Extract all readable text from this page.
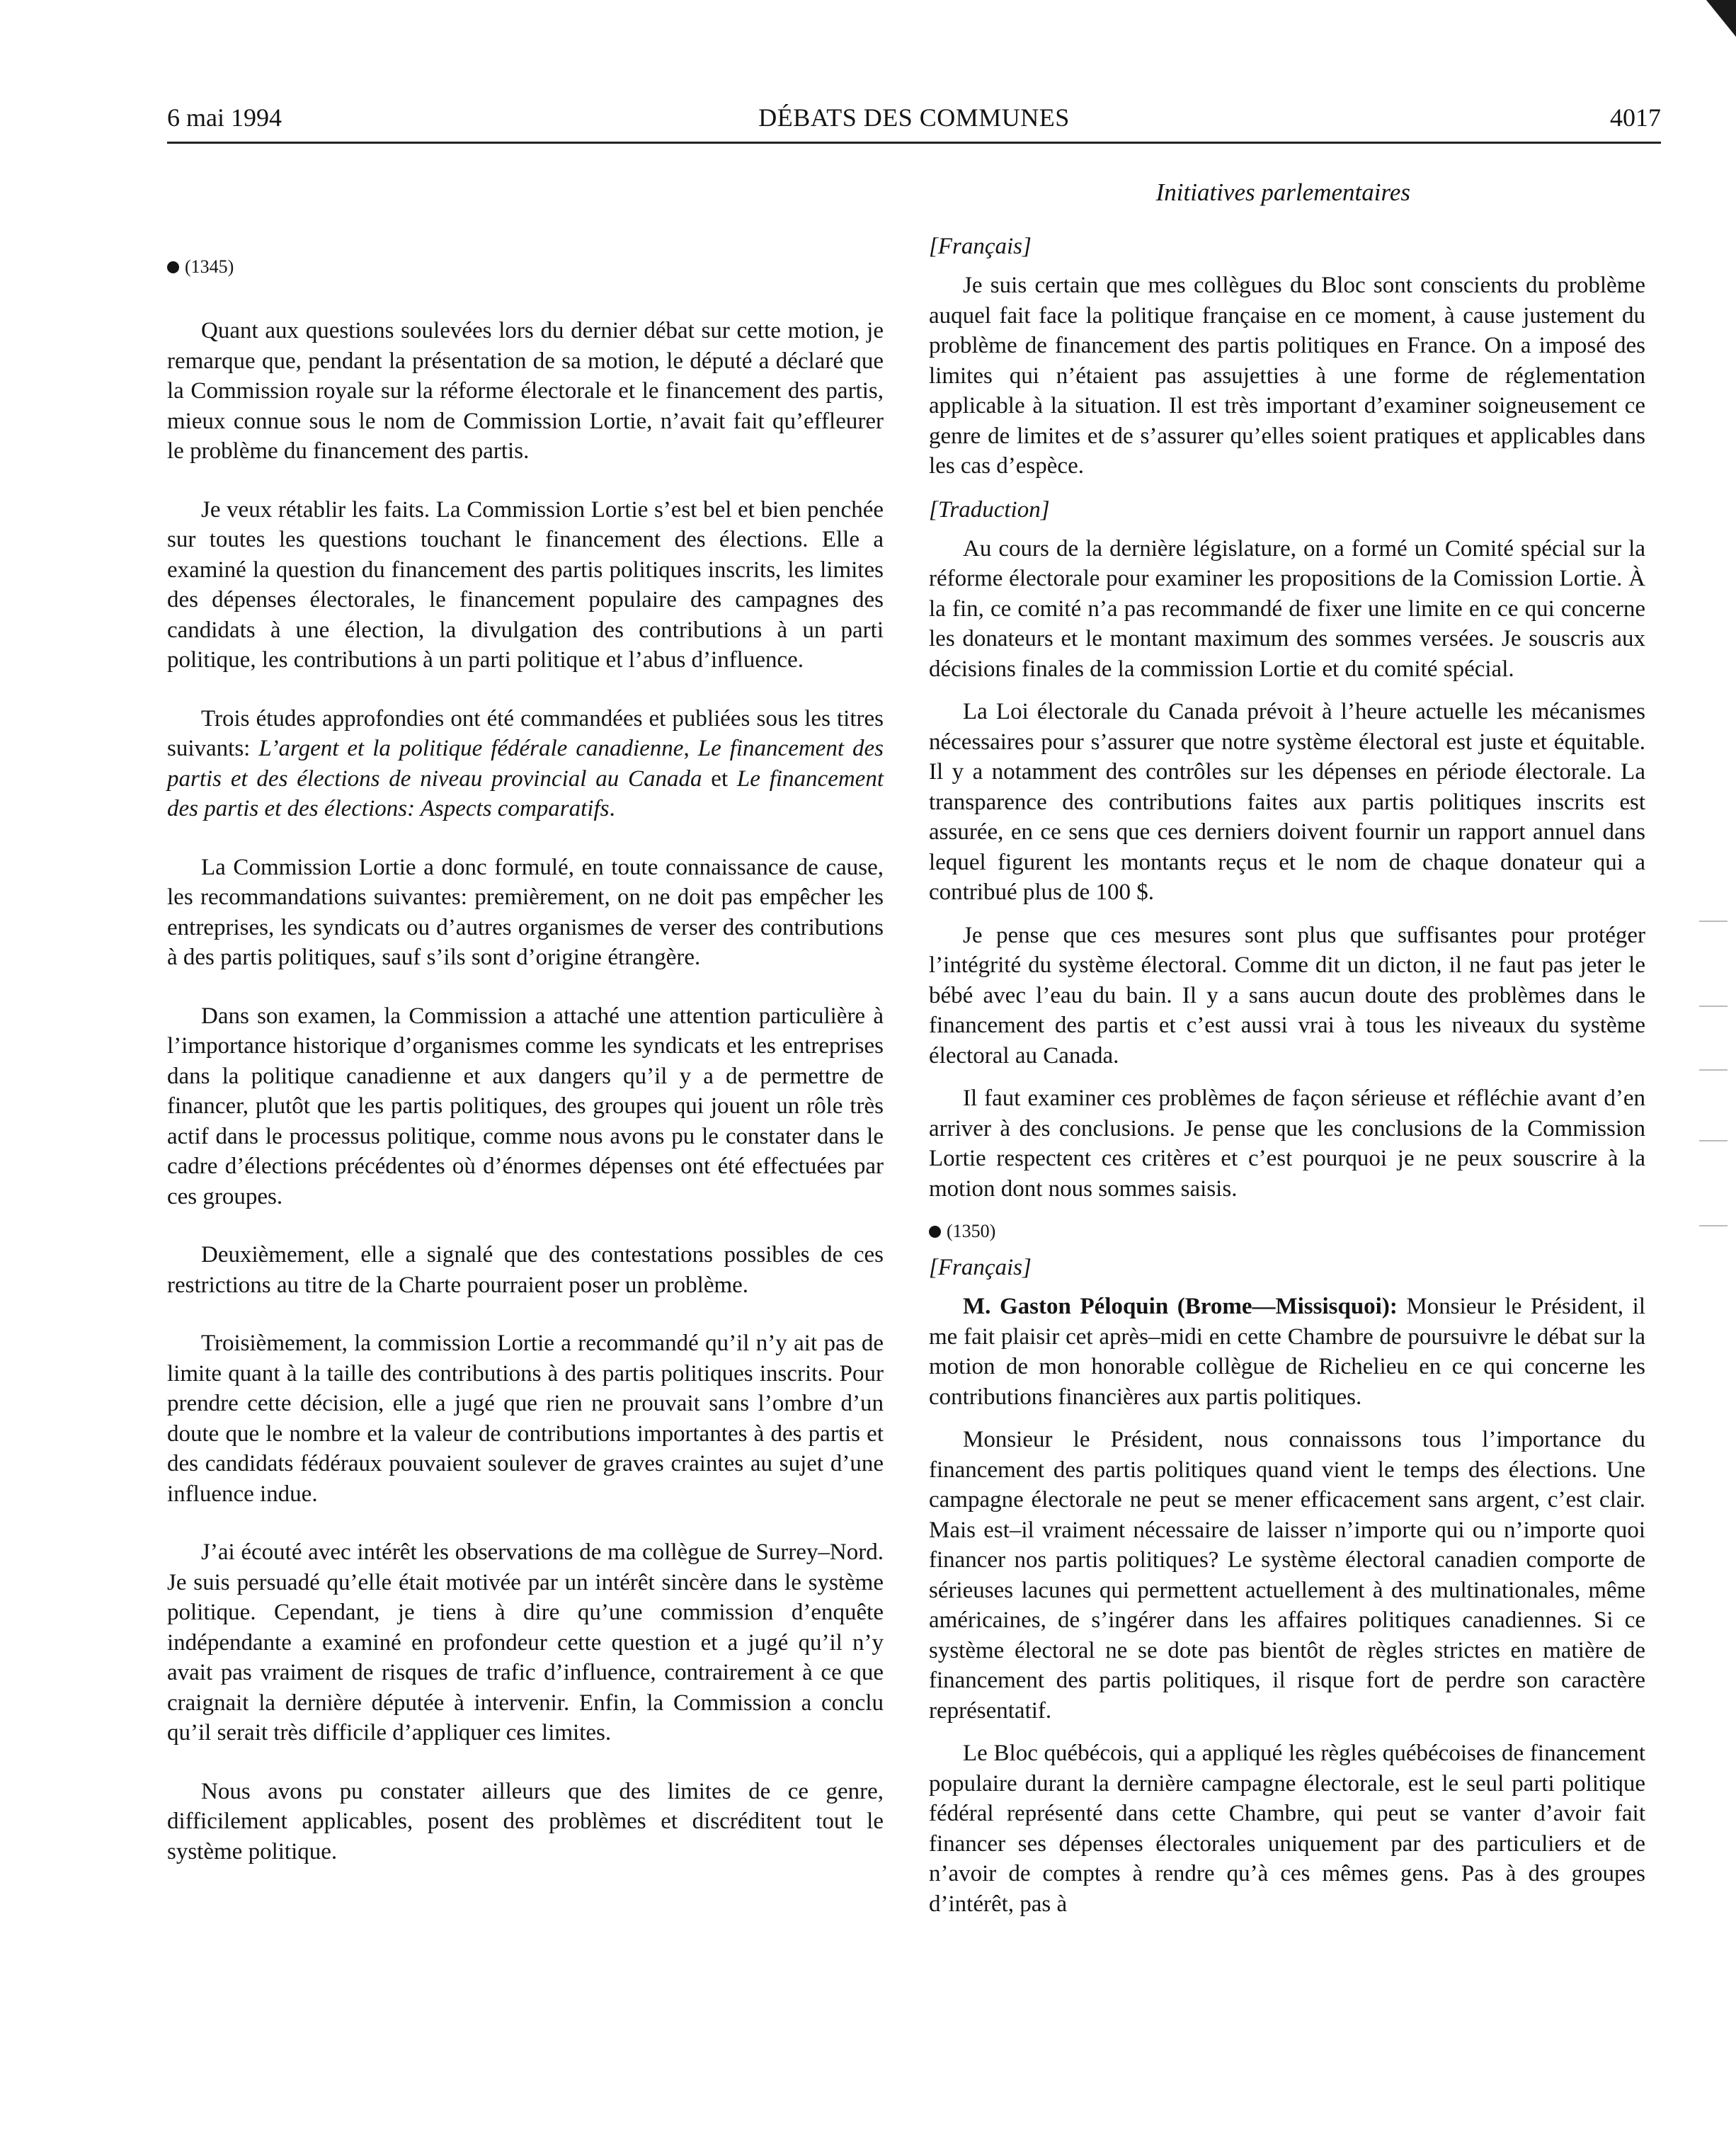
6 mai 1994	DÉBATS DES COMMUNES	4017
(1345)

Quant aux questions soulevées lors du dernier débat sur cette motion, je remarque que, pendant la présentation de sa motion, le député a déclaré que la Commission royale sur la réforme électorale et le financement des partis, mieux connue sous le nom de Commission Lortie, n’avait fait qu’effleurer le problème du financement des partis.

Je veux rétablir les faits. La Commission Lortie s’est bel et bien penchée sur toutes les questions touchant le financement des élections. Elle a examiné la question du financement des partis politiques inscrits, les limites des dépenses électorales, le financement populaire des campagnes des candidats à une élection, la divulgation des contributions à un parti politique, les contributions à un parti politique et l’abus d’influence.

Trois études approfondies ont été commandées et publiées sous les titres suivants: L’argent et la politique fédérale canadienne, Le financement des partis et des élections de niveau provincial au Canada et Le financement des partis et des élections: Aspects comparatifs.

La Commission Lortie a donc formulé, en toute connaissance de cause, les recommandations suivantes: premièrement, on ne doit pas empêcher les entreprises, les syndicats ou d’autres organismes de verser des contributions à des partis politiques, sauf s’ils sont d’origine étrangère.

Dans son examen, la Commission a attaché une attention particulière à l’importance historique d’organismes comme les syndicats et les entreprises dans la politique canadienne et aux dangers qu’il y a de permettre de financer, plutôt que les partis politiques, des groupes qui jouent un rôle très actif dans le processus politique, comme nous avons pu le constater dans le cadre d’élections précédentes où d’énormes dépenses ont été effectuées par ces groupes.

Deuxièmement, elle a signalé que des contestations possibles de ces restrictions au titre de la Charte pourraient poser un problème.

Troisièmement, la commission Lortie a recommandé qu’il n’y ait pas de limite quant à la taille des contributions à des partis politiques inscrits. Pour prendre cette décision, elle a jugé que rien ne prouvait sans l’ombre d’un doute que le nombre et la valeur de contributions importantes à des partis et des candidats fédéraux pouvaient soulever de graves craintes au sujet d’une influence indue.

J’ai écouté avec intérêt les observations de ma collègue de Surrey–Nord. Je suis persuadé qu’elle était motivée par un intérêt sincère dans le système politique. Cependant, je tiens à dire qu’une commission d’enquête indépendante a examiné en profondeur cette question et a jugé qu’il n’y avait pas vraiment de risques de trafic d’influence, contrairement à ce que craignait la dernière députée à intervenir. Enfin, la Commission a conclu qu’il serait très difficile d’appliquer ces limites.

Nous avons pu constater ailleurs que des limites de ce genre, difficilement applicables, posent des problèmes et discréditent tout le système politique.

Initiatives parlementaires
[Français]

Je suis certain que mes collègues du Bloc sont conscients du problème auquel fait face la politique française en ce moment, à cause justement du problème de financement des partis politiques en France. On a imposé des limites qui n’étaient pas assujetties à une forme de réglementation applicable à la situation. Il est très important d’examiner soigneusement ce genre de limites et de s’assurer qu’elles soient pratiques et applicables dans les cas d’espèce.

[Traduction]

Au cours de la dernière législature, on a formé un Comité spécial sur la réforme électorale pour examiner les propositions de la Comission Lortie. À la fin, ce comité n’a pas recommandé de fixer une limite en ce qui concerne les donateurs et le montant maximum des sommes versées. Je souscris aux décisions finales de la commission Lortie et du comité spécial.

La Loi électorale du Canada prévoit à l’heure actuelle les mécanismes nécessaires pour s’assurer que notre système électoral est juste et équitable. Il y a notamment des contrôles sur les dépenses en période électorale. La transparence des contributions faites aux partis politiques inscrits est assurée, en ce sens que ces derniers doivent fournir un rapport annuel dans lequel figurent les montants reçus et le nom de chaque donateur qui a contribué plus de 100 $.

Je pense que ces mesures sont plus que suffisantes pour protéger l’intégrité du système électoral. Comme dit un dicton, il ne faut pas jeter le bébé avec l’eau du bain. Il y a sans aucun doute des problèmes dans le financement des partis et c’est aussi vrai à tous les niveaux du système électoral au Canada.

Il faut examiner ces problèmes de façon sérieuse et réfléchie avant d’en arriver à des conclusions. Je pense que les conclusions de la Commission Lortie respectent ces critères et c’est pourquoi je ne peux souscrire à la motion dont nous sommes saisis.

(1350)
[Français]

M. Gaston Péloquin (Brome—Missisquoi): Monsieur le Président, il me fait plaisir cet après–midi en cette Chambre de poursuivre le débat sur la motion de mon honorable collègue de Richelieu en ce qui concerne les contributions financières aux partis politiques.

Monsieur le Président, nous connaissons tous l’importance du financement des partis politiques quand vient le temps des élections. Une campagne électorale ne peut se mener efficacement sans argent, c’est clair. Mais est–il vraiment nécessaire de laisser n’importe qui ou n’importe quoi financer nos partis politiques? Le système électoral canadien comporte de sérieuses lacunes qui permettent actuellement à des multinationales, même américaines, de s’ingérer dans les affaires politiques canadiennes. Si ce système électoral ne se dote pas bientôt de règles strictes en matière de financement des partis politiques, il risque fort de perdre son caractère représentatif.

Le Bloc québécois, qui a appliqué les règles québécoises de financement populaire durant la dernière campagne électorale, est le seul parti politique fédéral représenté dans cette Chambre, qui peut se vanter d’avoir fait financer ses dépenses électorales uniquement par des particuliers et de n’avoir de comptes à rendre qu’à ces mêmes gens. Pas à des groupes d’intérêt, pas à
